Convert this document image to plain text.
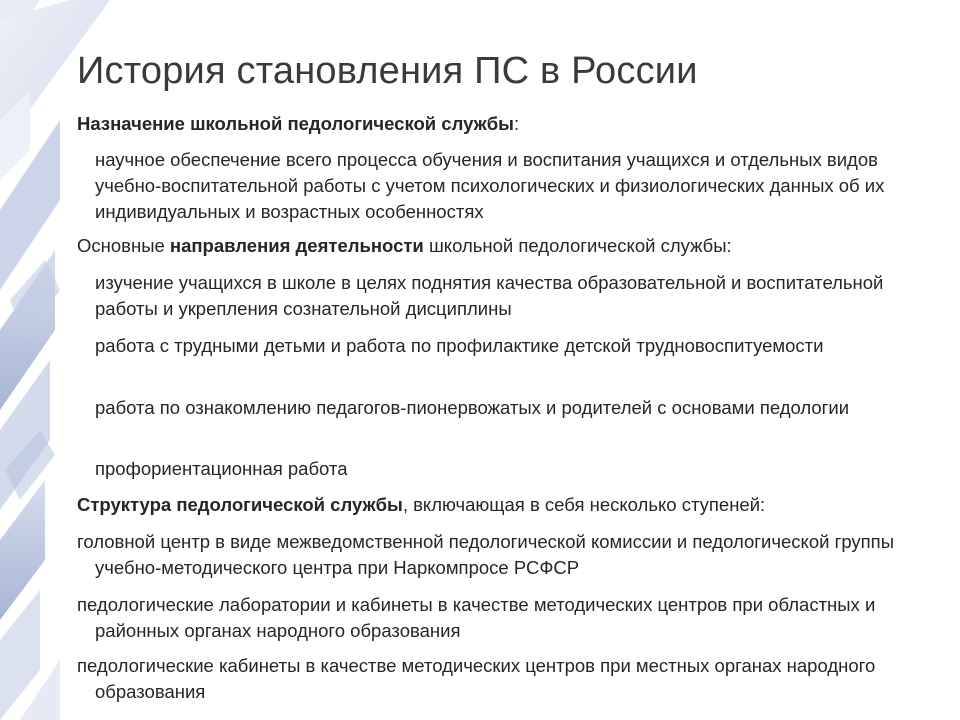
История становления ПС в России
Назначение школьной педологической службы:
научное обеспечение всего процесса обучения и воспитания учащихся и отдельных видов учебно-воспитательной работы с учетом психологических и физиологических данных об их индивидуальных и возрастных особенностях
Основные направления деятельности школьной педологической службы:
изучение учащихся в школе в целях поднятия качества образовательной и воспитательной работы и укрепления сознательной дисциплины
работа с трудными детьми и работа по профилактике детской трудновоспитуемости
работа по ознакомлению педагогов-пионервожатых и родителей с основами педологии
профориентационная работа
Структура педологической службы, включающая в себя несколько ступеней:
головной центр в виде межведомственной педологической комиссии и педологической группы учебно-методического центра при Наркомпросе РСФСР
педологические лаборатории и кабинеты в качестве методических центров при областных и районных органах народного образования
педологические кабинеты в качестве методических центров при местных органах народного образования
